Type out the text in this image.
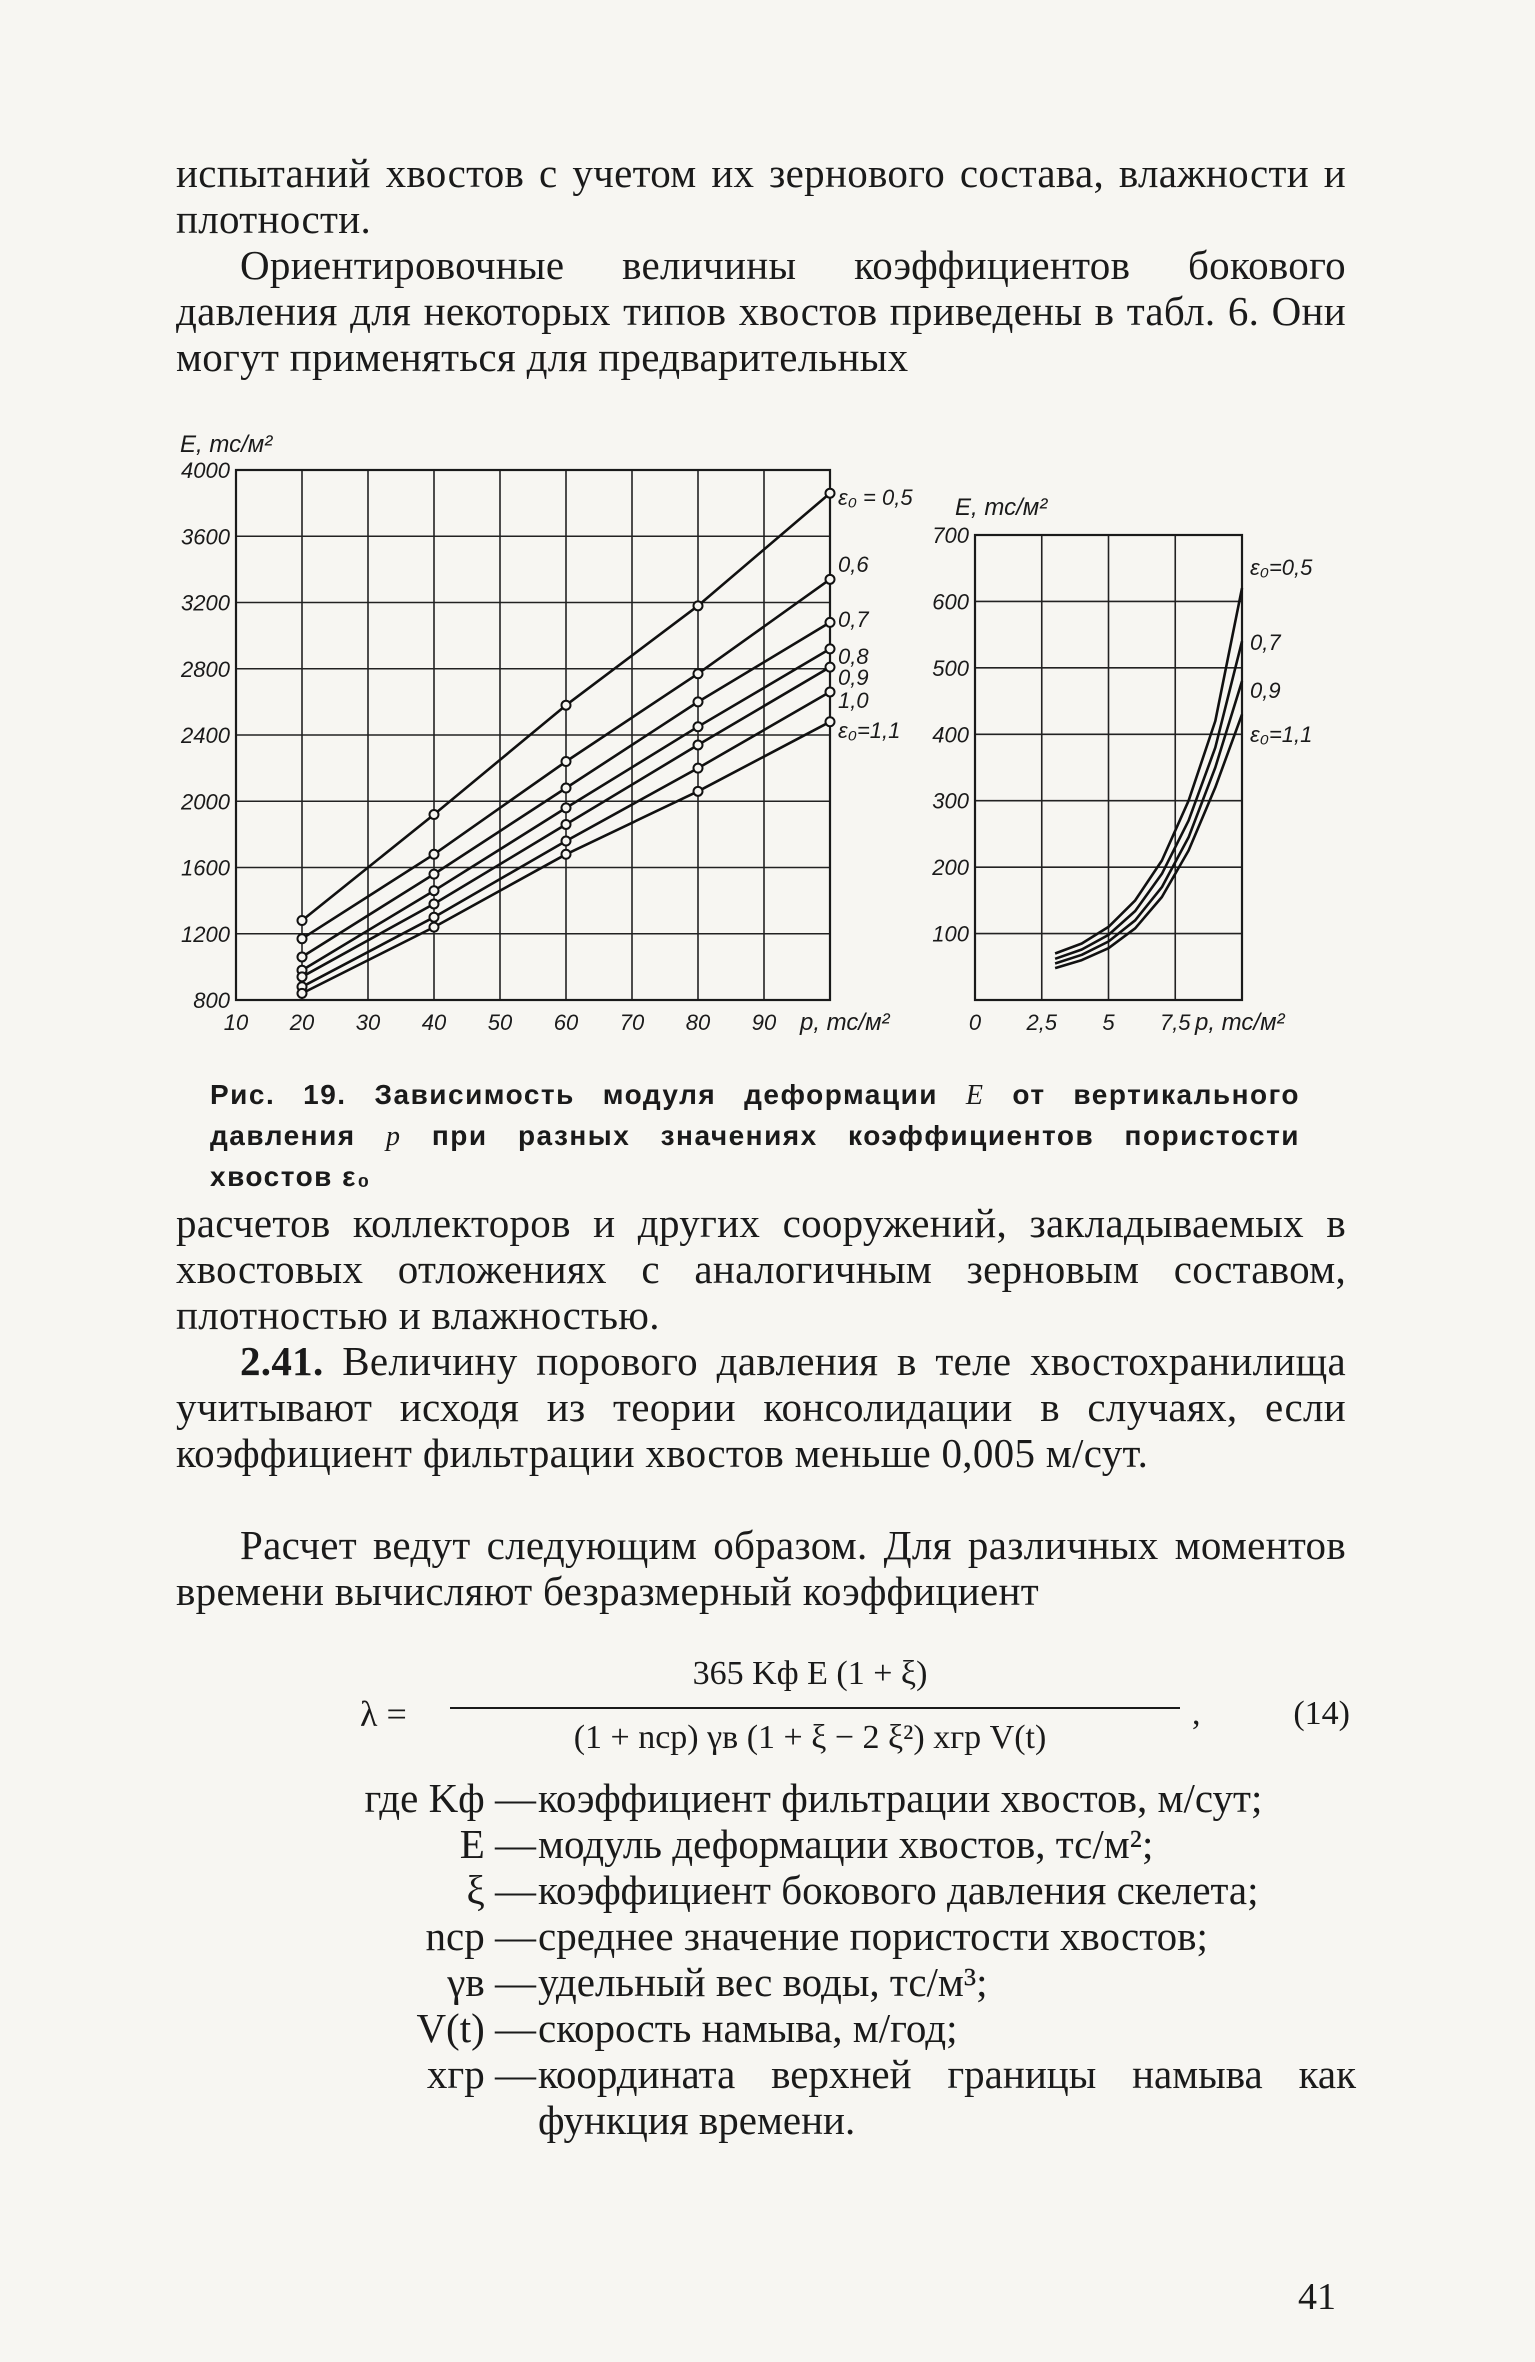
испытаний хвостов с учетом их зернового состава, влажности и плотности.

Ориентировочные величины коэффициентов бокового давления для некоторых типов хвостов приведены в табл. 6. Они могут применяться для предварительных

10 20 30 40 50 60 70 80 90
800
1200
1600
2000
2400
2800
3200
3600
4000
E, тс/м²
p, тс/м²
ε₀ = 0,5
0,6
0,7
0,8
0,9
1,0
ε₀=1,1
0 2,5 5 7,5
100
200
300
400
500
600
700
E, тс/м²
p, тс/м²
ε₀=0,5
0,7
0,9
ε₀=1,1
Рис. 19. Зависимость модуля деформации E от вертикального давления p при разных значениях коэффициентов пористости хвостов ε₀

расчетов коллекторов и других сооружений, закладываемых в хвостовых отложениях с аналогичным зерновым составом, плотностью и влажностью.

2.41. Величину порового давления в теле хвостохранилища учитывают исходя из теории консолидации в случаях, если коэффициент фильтрации хвостов меньше 0,005 м/сут.

Расчет ведут следующим образом. Для различных моментов времени вычисляют безразмерный коэффициент

λ =
365 Kф E (1 + ξ)
(1 + nср) γв (1 + ξ − 2 ξ²) xгр V(t)
,	(14)
где Kф — коэффициент фильтрации хвостов, м/сут;
E — модуль деформации хвостов, тс/м²;
ξ — коэффициент бокового давления скелета;
nср — среднее значение пористости хвостов;
γв — удельный вес воды, тс/м³;
V(t) — скорость намыва, м/год;
xгр — координата верхней границы намыва как
функция времени.
41
